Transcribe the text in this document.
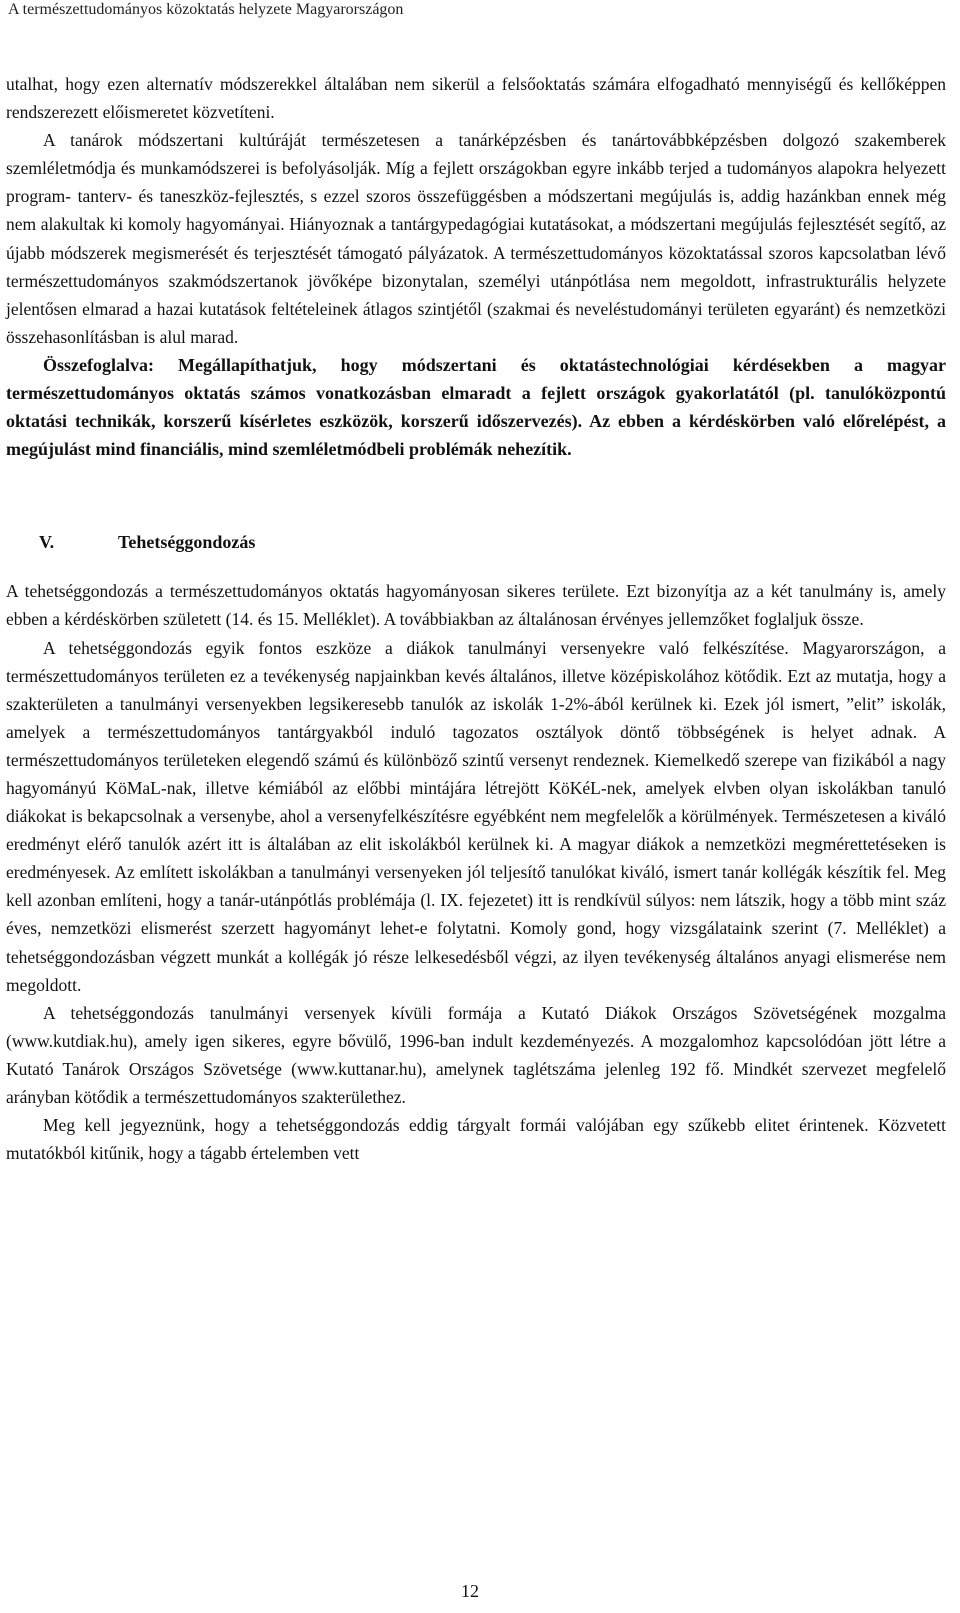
A természettudományos közoktatás helyzete Magyarországon

utalhat, hogy ezen alternatív módszerekkel általában nem sikerül a felsőoktatás számára elfogadható mennyiségű és kellőképpen rendszerezett előismeretet közvetíteni.

A tanárok módszertani kultúráját természetesen a tanárképzésben és tanártovábbképzésben dolgozó szakemberek szemléletmódja és munkamódszerei is befolyásolják. Míg a fejlett országokban egyre inkább terjed a tudományos alapokra helyezett program- tanterv- és taneszköz-fejlesztés, s ezzel szoros összefüggésben a módszertani megújulás is, addig hazánkban ennek még nem alakultak ki komoly hagyományai. Hiányoznak a tantárgypedagógiai kutatásokat, a módszertani megújulás fejlesztését segítő, az újabb módszerek megismerését és terjesztését támogató pályázatok. A természettudományos közoktatással szoros kapcsolatban lévő természettudományos szakmódszertanok jövőképe bizonytalan, személyi utánpótlása nem megoldott, infrastrukturális helyzete jelentősen elmarad a hazai kutatások feltételeinek átlagos szintjétől (szakmai és neveléstudományi területen egyaránt) és nemzetközi összehasonlításban is alul marad.

Összefoglalva: Megállapíthatjuk, hogy módszertani és oktatástechnológiai kérdésekben a magyar természettudományos oktatás számos vonatkozásban elmaradt a fejlett országok gyakorlatától (pl. tanulóközpontú oktatási technikák, korszerű kísérletes eszközök, korszerű időszervezés). Az ebben a kérdéskörben való előrelépést, a megújulást mind financiális, mind szemléletmódbeli problémák nehezítik.

V.	Tehetséggondozás

A tehetséggondozás a természettudományos oktatás hagyományosan sikeres területe. Ezt bizonyítja az a két tanulmány is, amely ebben a kérdéskörben született (14. és 15. Melléklet). A továbbiakban az általánosan érvényes jellemzőket foglaljuk össze.

A tehetséggondozás egyik fontos eszköze a diákok tanulmányi versenyekre való felkészítése. Magyarországon, a természettudományos területen ez a tevékenység napjainkban kevés általános, illetve középiskolához kötődik. Ezt az mutatja, hogy a szakterületen a tanulmányi versenyekben legsikeresebb tanulók az iskolák 1-2%-ából kerülnek ki. Ezek jól ismert, ”elit” iskolák, amelyek a természettudományos tantárgyakból induló tagozatos osztályok döntő többségének is helyet adnak. A természettudományos területeken elegendő számú és különböző szintű versenyt rendeznek. Kiemelkedő szerepe van fizikából a nagy hagyományú KöMaL-nak, illetve kémiából az előbbi mintájára létrejött KöKéL-nek, amelyek elvben olyan iskolákban tanuló diákokat is bekapcsolnak a versenybe, ahol a versenyfelkészítésre egyébként nem megfelelők a körülmények. Természetesen a kiváló eredményt elérő tanulók azért itt is általában az elit iskolákból kerülnek ki. A magyar diákok a nemzetközi megmérettetéseken is eredményesek. Az említett iskolákban a tanulmányi versenyeken jól teljesítő tanulókat kiváló, ismert tanár kollégák készítik fel. Meg kell azonban említeni, hogy a tanár-utánpótlás problémája (l. IX. fejezetet) itt is rendkívül súlyos: nem látszik, hogy a több mint száz éves, nemzetközi elismerést szerzett hagyományt lehet-e folytatni. Komoly gond, hogy vizsgálataink szerint (7. Melléklet) a tehetséggondozásban végzett munkát a kollégák jó része lelkesedésből végzi, az ilyen tevékenység általános anyagi elismerése nem megoldott.

A tehetséggondozás tanulmányi versenyek kívüli formája a Kutató Diákok Országos Szövetségének mozgalma (www.kutdiak.hu), amely igen sikeres, egyre bővülő, 1996-ban indult kezdeményezés. A mozgalomhoz kapcsolódóan jött létre a Kutató Tanárok Országos Szövetsége (www.kuttanar.hu), amelynek taglétszáma jelenleg 192 fő. Mindkét szervezet megfelelő arányban kötődik a természettudományos szakterülethez.

Meg kell jegyeznünk, hogy a tehetséggondozás eddig tárgyalt formái valójában egy szűkebb elitet érintenek. Közvetett mutatókból kitűnik, hogy a tágabb értelemben vett

12
